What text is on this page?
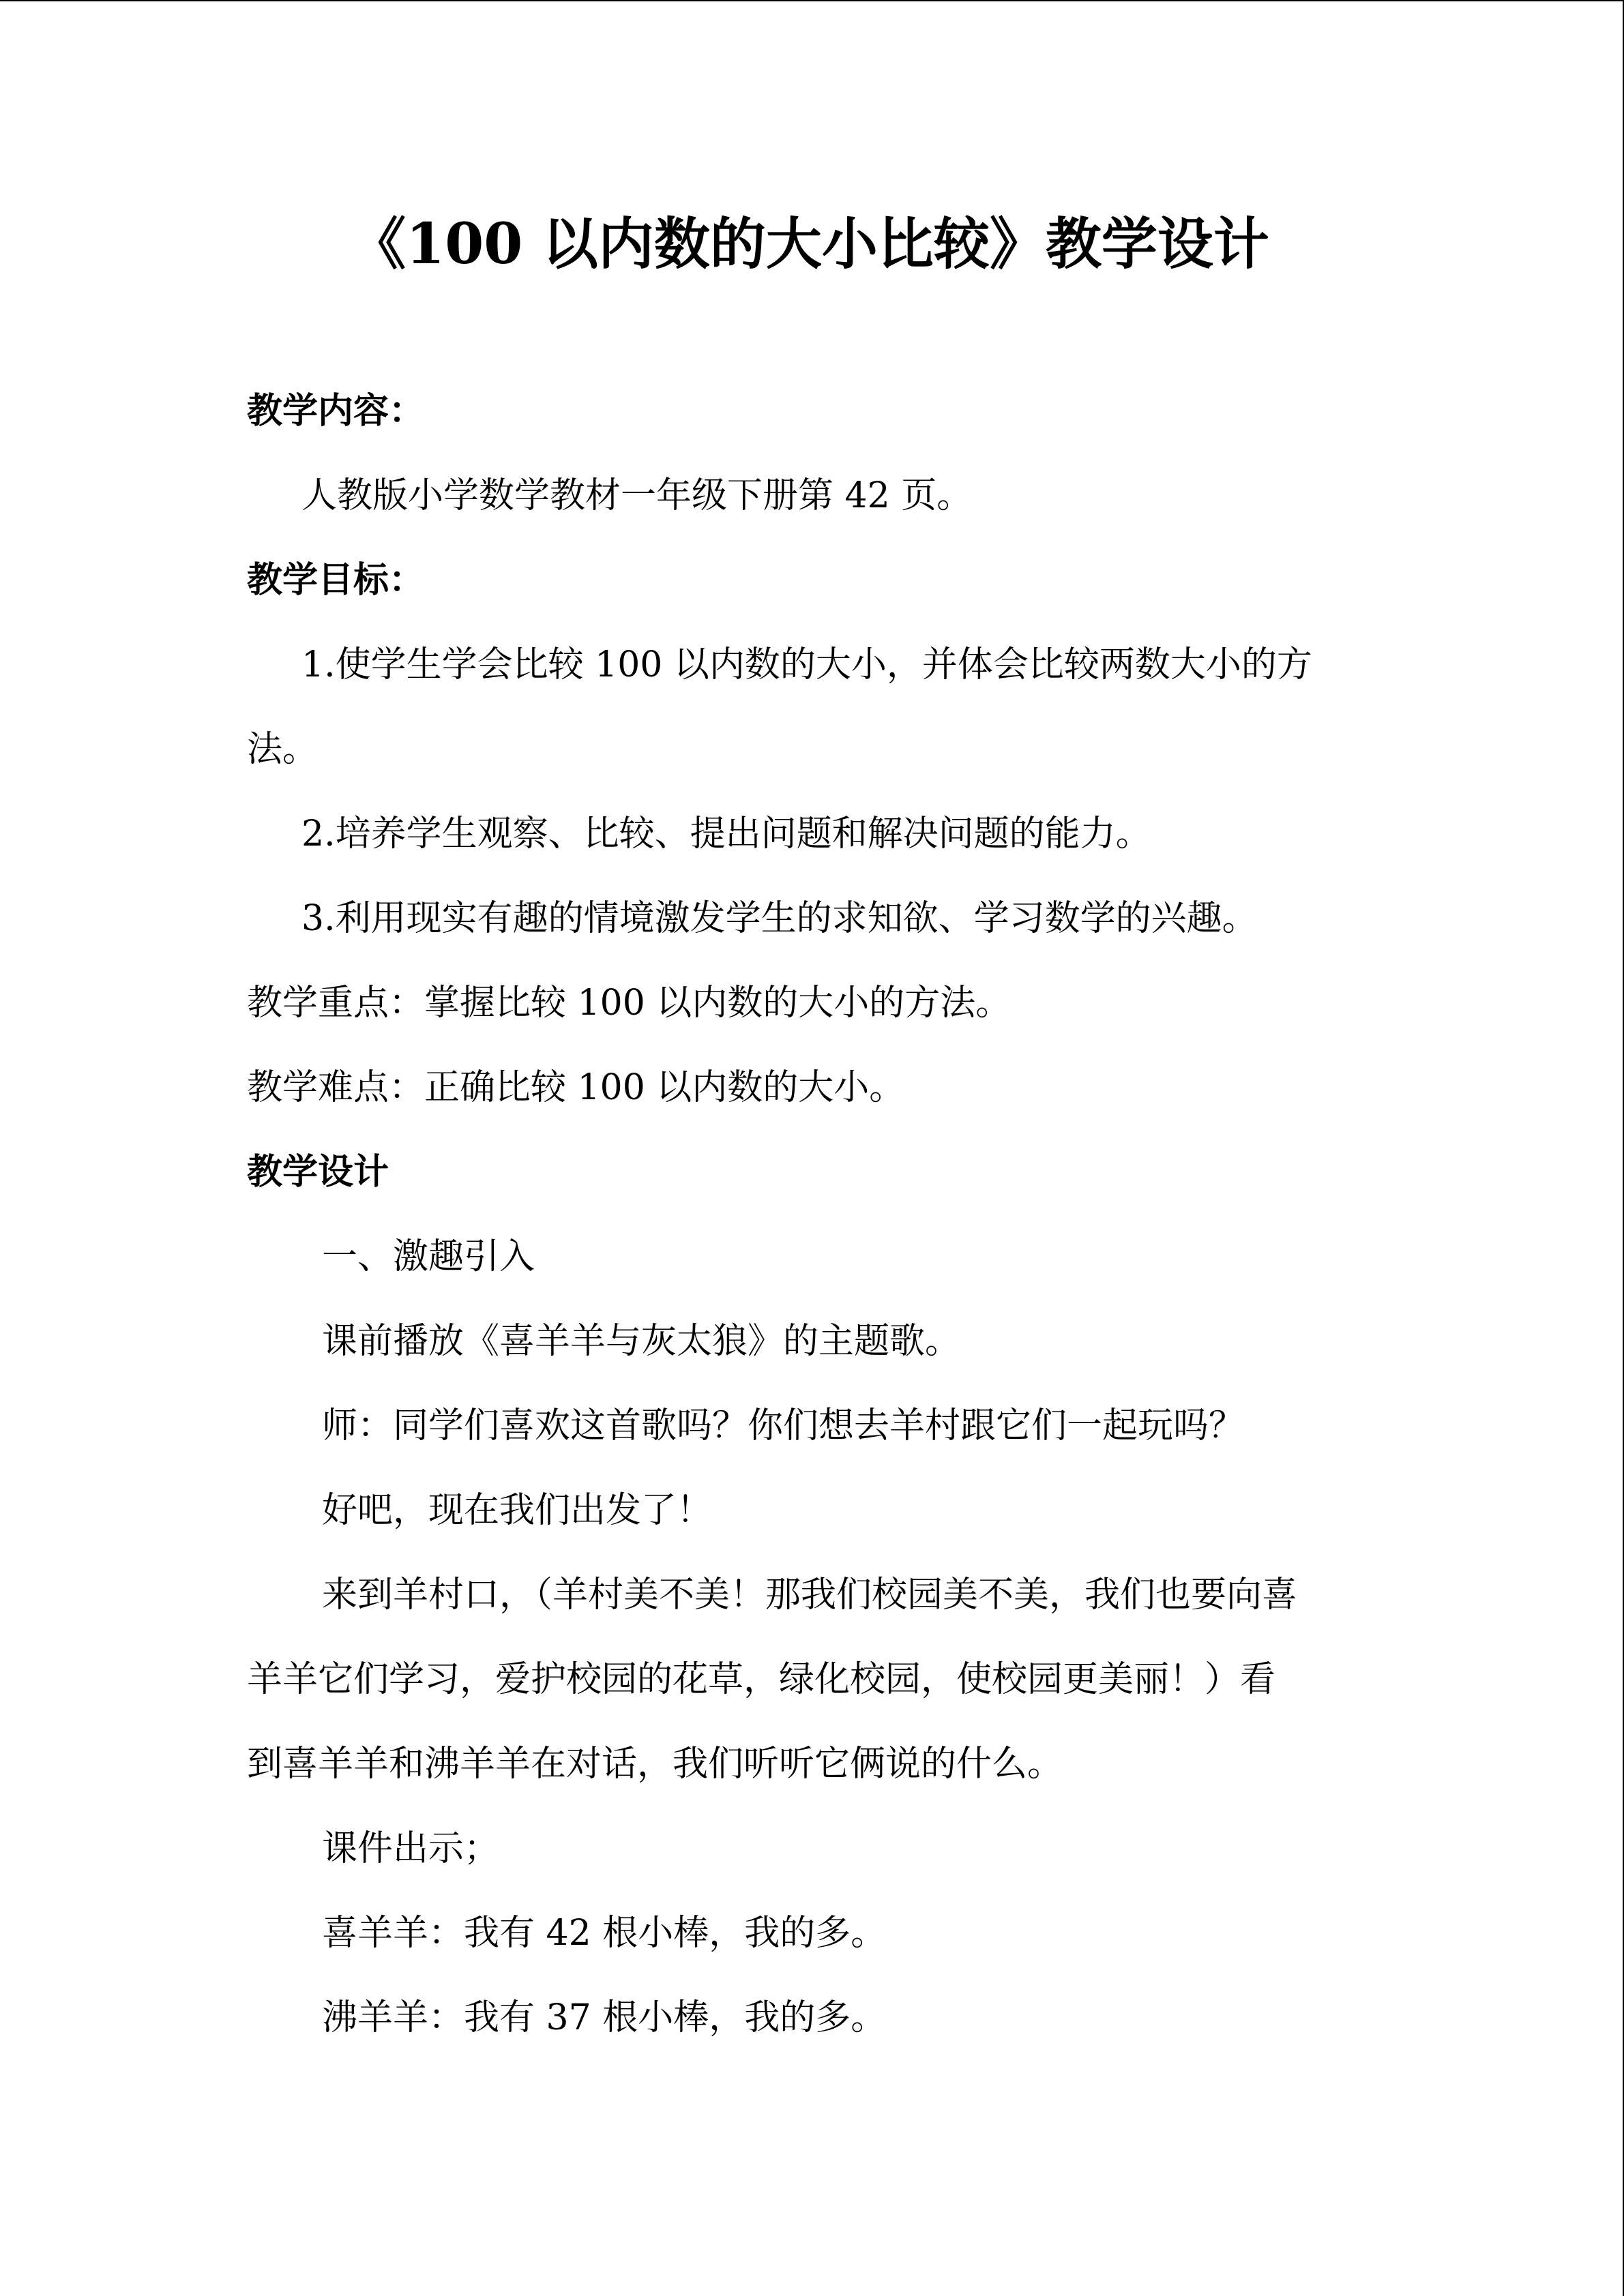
《100 以内数的大小比较》教学设计
教学内容：
人教版小学数学教材一年级下册第 42 页。
教学目标：
1.使学生学会比较 100 以内数的大小，并体会比较两数大小的方
法。
2.培养学生观察、比较、提出问题和解决问题的能力。
3.利用现实有趣的情境激发学生的求知欲、学习数学的兴趣。
教学重点：掌握比较 100 以内数的大小的方法。
教学难点：正确比较 100 以内数的大小。
教学设计
一、激趣引入
课前播放《喜羊羊与灰太狼》的主题歌。
师：同学们喜欢这首歌吗？你们想去羊村跟它们一起玩吗？
好吧，现在我们出发了！
来到羊村口，（羊村美不美！那我们校园美不美，我们也要向喜
羊羊它们学习，爱护校园的花草，绿化校园，使校园更美丽！）看
到喜羊羊和沸羊羊在对话，我们听听它俩说的什么。
课件出示；
喜羊羊：我有 42 根小棒，我的多。
沸羊羊：我有 37 根小棒，我的多。
